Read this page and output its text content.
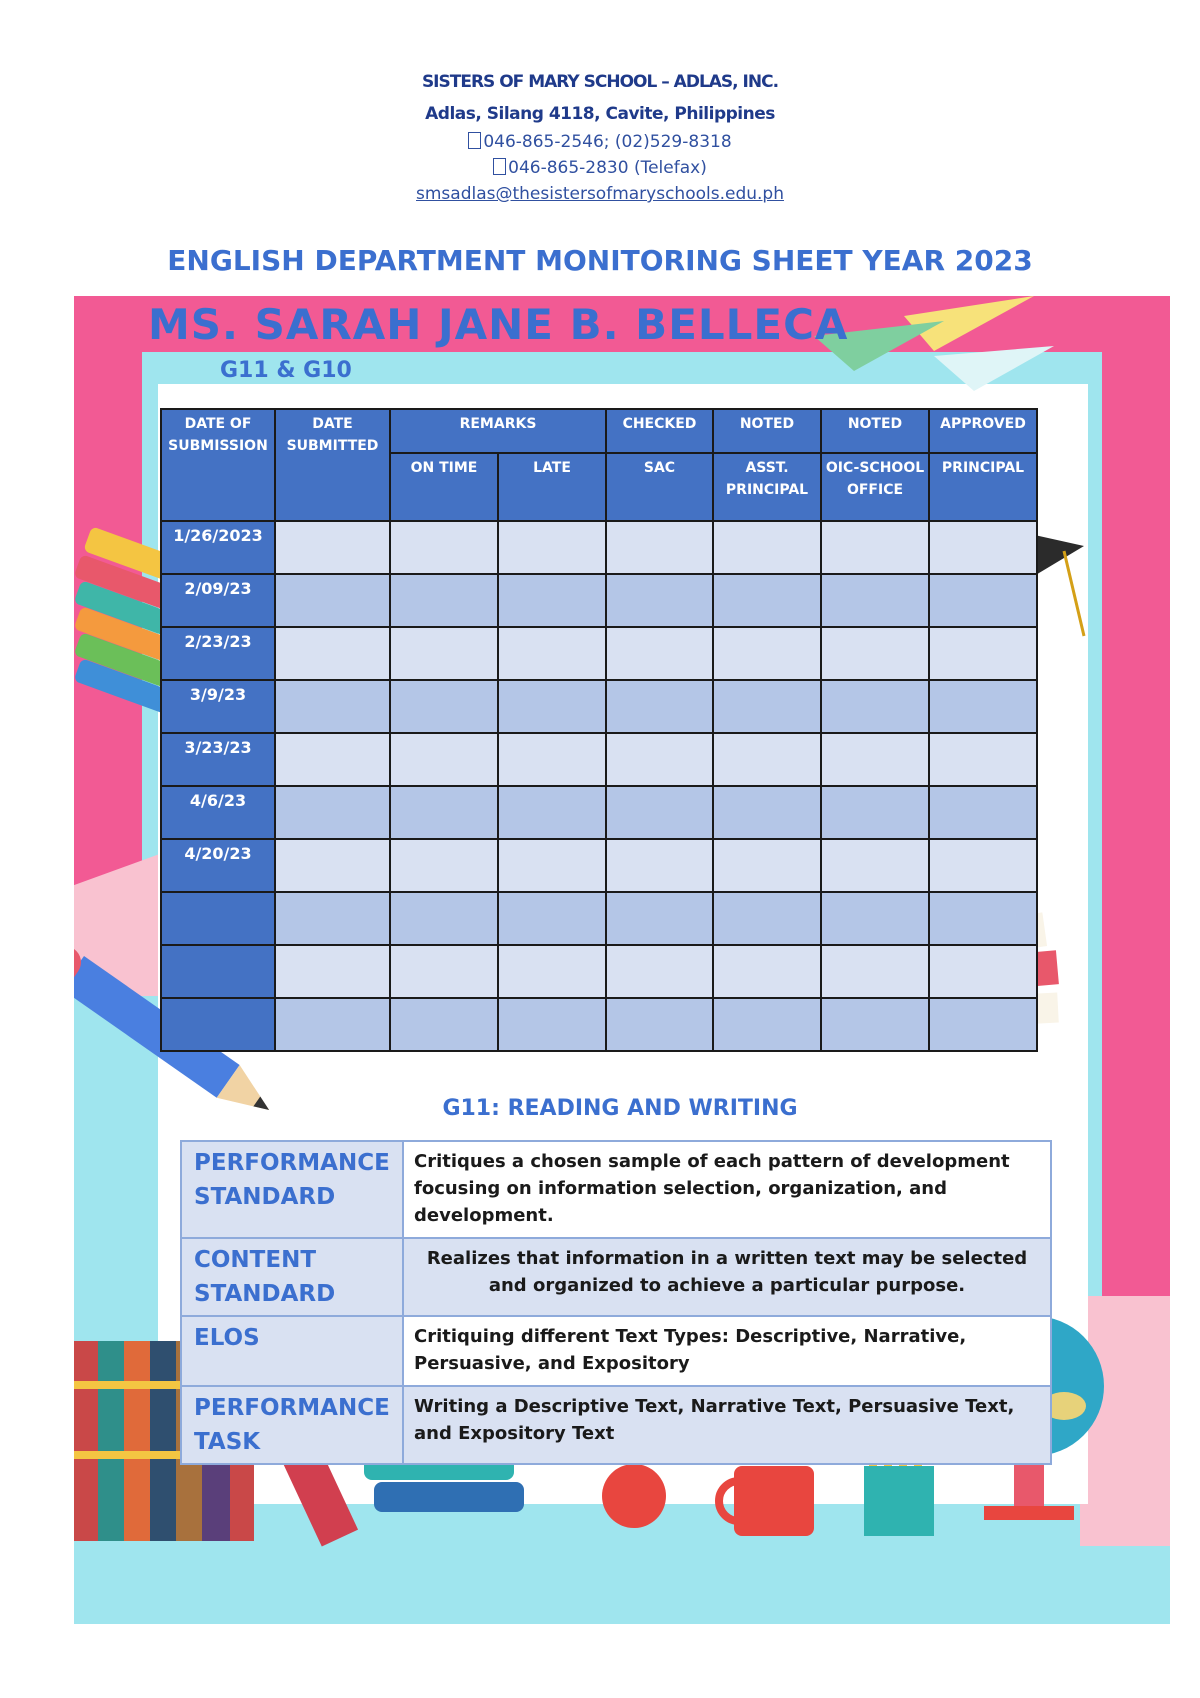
SISTERS OF MARY SCHOOL – ADLAS, INC.
Adlas, Silang 4118, Cavite, Philippines
046-865-2546; (02)529-8318
046-865-2830 (Telefax)
smsadlas@thesistersofmaryschools.edu.ph
ENGLISH DEPARTMENT MONITORING SHEET YEAR 2023
MS. SARAH JANE B. BELLECA
G11 & G10
DATE OF SUBMISSION	DATE SUBMITTED	REMARKS		CHECKED	NOTED	NOTED	APPROVED
		ON TIME	LATE	SAC	ASST. PRINCIPAL	OIC-SCHOOL OFFICE	PRINCIPAL
1/26/2023							
2/09/23							
2/23/23							
3/9/23							
3/23/23							
4/6/23							
4/20/23							

G11: READING AND WRITING
PERFORMANCE STANDARD	Critiques a chosen sample of each pattern of development focusing on information selection, organization, and development.
CONTENT STANDARD	Realizes that information in a written text may be selected and organized to achieve a particular purpose.
ELOS	Critiquing different Text Types: Descriptive, Narrative, Persuasive, and Expository
PERFORMANCE TASK	Writing a Descriptive Text, Narrative Text, Persuasive Text, and Expository Text
